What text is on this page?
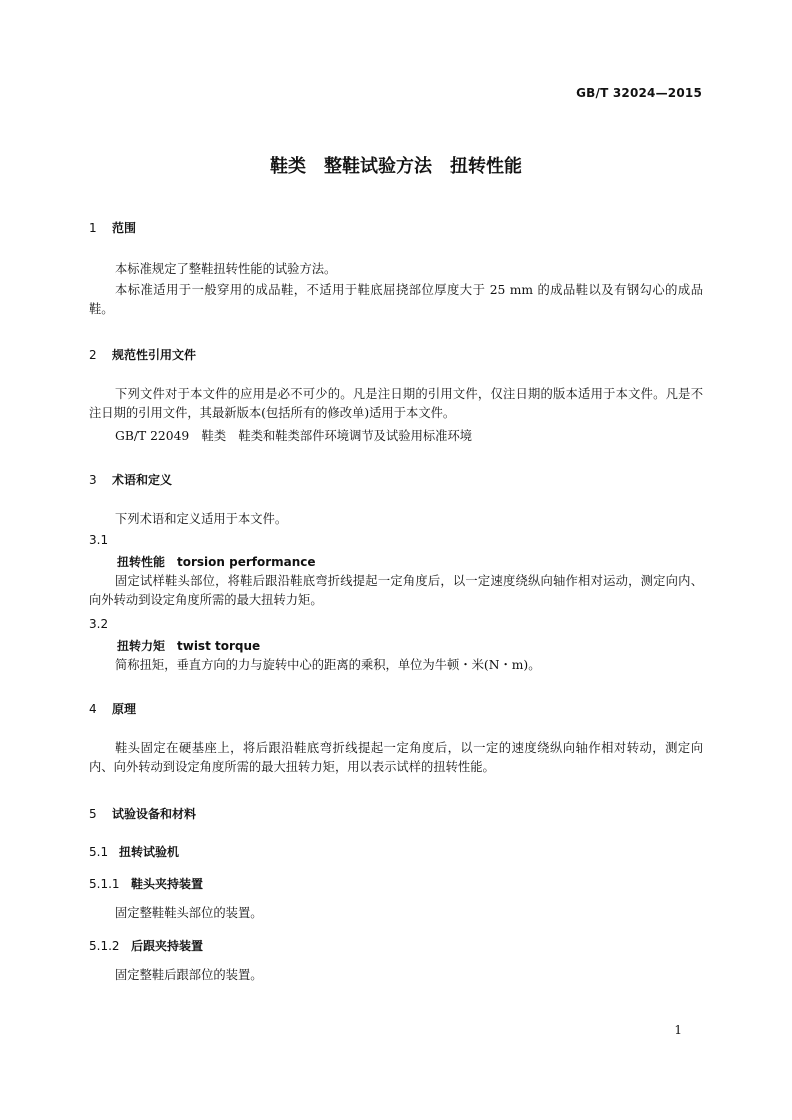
GB/T 32024—2015
鞋类　整鞋试验方法　扭转性能
1 范围

本标准规定了整鞋扭转性能的试验方法。

本标准适用于一般穿用的成品鞋，不适用于鞋底屈挠部位厚度大于 25 mm 的成品鞋以及有钢勾心的成品鞋。

2 规范性引用文件

下列文件对于本文件的应用是必不可少的。凡是注日期的引用文件，仅注日期的版本适用于本文件。凡是不注日期的引用文件，其最新版本(包括所有的修改单)适用于本文件。

GB/T 22049　鞋类　鞋类和鞋类部件环境调节及试验用标准环境

3 术语和定义

下列术语和定义适用于本文件。

3.1
扭转性能　torsion performance

固定试样鞋头部位，将鞋后跟沿鞋底弯折线提起一定角度后，以一定速度绕纵向轴作相对运动，测定向内、向外转动到设定角度所需的最大扭转力矩。

3.2
扭转力矩　twist torque

简称扭矩，垂直方向的力与旋转中心的距离的乘积，单位为牛顿・米(N・m)。

4 原理

鞋头固定在硬基座上，将后跟沿鞋底弯折线提起一定角度后，以一定的速度绕纵向轴作相对转动，测定向内、向外转动到设定角度所需的最大扭转力矩，用以表示试样的扭转性能。

5 试验设备和材料
5.1 扭转试验机
5.1.1 鞋头夹持装置

固定整鞋鞋头部位的装置。

5.1.2 后跟夹持装置

固定整鞋后跟部位的装置。

1
